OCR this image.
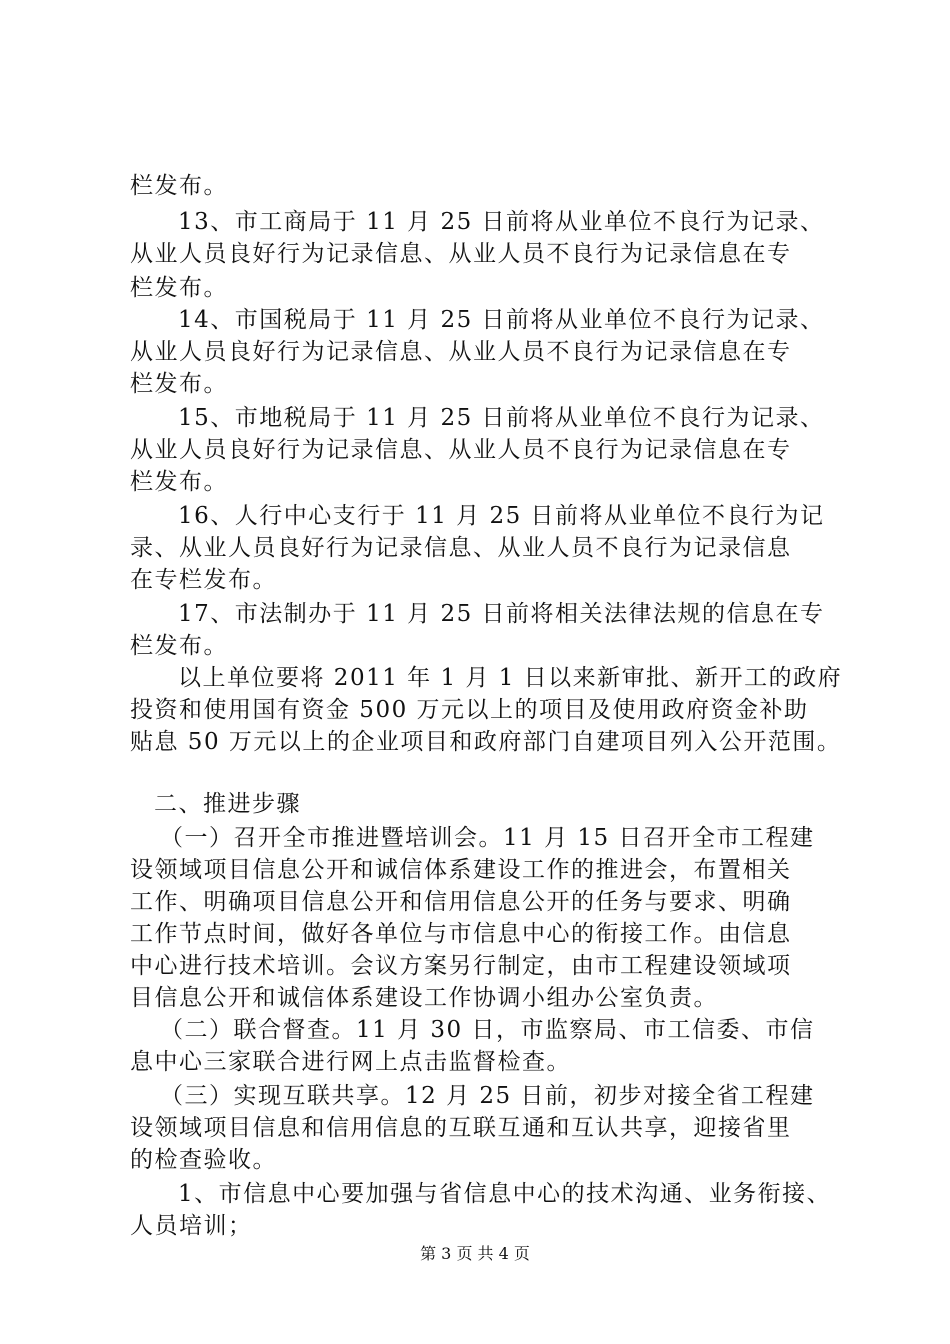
栏发布。
13、市工商局于 11 月 25 日前将从业单位不良行为记录、
从业人员良好行为记录信息、从业人员不良行为记录信息在专
栏发布。
14、市国税局于 11 月 25 日前将从业单位不良行为记录、
从业人员良好行为记录信息、从业人员不良行为记录信息在专
栏发布。
15、市地税局于 11 月 25 日前将从业单位不良行为记录、
从业人员良好行为记录信息、从业人员不良行为记录信息在专
栏发布。
16、人行中心支行于 11 月 25 日前将从业单位不良行为记
录、从业人员良好行为记录信息、从业人员不良行为记录信息
在专栏发布。
17、市法制办于 11 月 25 日前将相关法律法规的信息在专
栏发布。
以上单位要将 2011 年 1 月 1 日以来新审批、新开工的政府
投资和使用国有资金 500 万元以上的项目及使用政府资金补助
贴息 50 万元以上的企业项目和政府部门自建项目列入公开范围。
二、推进步骤
（一）召开全市推进暨培训会。11 月 15 日召开全市工程建
设领域项目信息公开和诚信体系建设工作的推进会，布置相关
工作、明确项目信息公开和信用信息公开的任务与要求、明确
工作节点时间，做好各单位与市信息中心的衔接工作。由信息
中心进行技术培训。会议方案另行制定，由市工程建设领域项
目信息公开和诚信体系建设工作协调小组办公室负责。
（二）联合督查。11 月 30 日，市监察局、市工信委、市信
息中心三家联合进行网上点击监督检查。
（三）实现互联共享。12 月 25 日前，初步对接全省工程建
设领域项目信息和信用信息的互联互通和互认共享，迎接省里
的检查验收。
1、市信息中心要加强与省信息中心的技术沟通、业务衔接、
人员培训；
第 3 页 共 4 页
